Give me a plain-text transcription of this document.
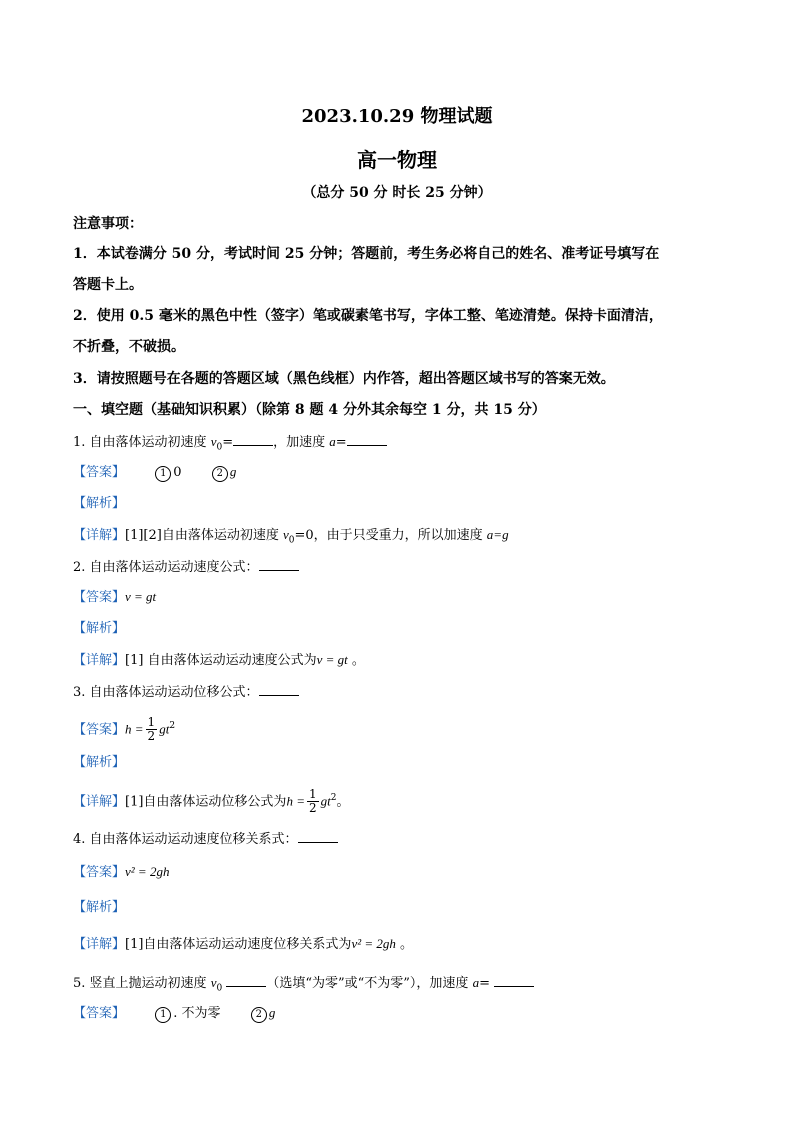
2023.10.29 物理试题
高一物理
（总分 50 分 时长 25 分钟）
注意事项：
1．本试卷满分 50 分，考试时间 25 分钟；答题前，考生务必将自己的姓名、准考证号填写在
答题卡上。
2．使用 0.5 毫米的黑色中性（签字）笔或碳素笔书写，字体工整、笔迹清楚。保持卡面清洁，
不折叠，不破损。
3．请按照题号在各题的答题区域（黑色线框）内作答，超出答题区域书写的答案无效。
一、填空题（基础知识积累）（除第 8 题 4 分外其余每空 1 分，共 15 分）
1. 自由落体运动初速度 $v_0=$	，加速度 a=
【答案】	1 0	2 g
【解析】
【详解】[1][2]自由落体运动初速度 $v_0=0$，由于只受重力，所以加速度 a=g
2. 自由落体运动运动速度公式：
【答案】v = gt
【解析】
【详解】[1] 自由落体运动运动速度公式为v = gt 。
3. 自由落体运动运动位移公式：
【答案】$h = \frac{1}{2} gt^2$
【解析】
【详解】[1]自由落体运动位移公式为$h = \frac{1}{2} gt^2$。
4. 自由落体运动运动速度位移关系式：
【答案】v² = 2gh
【解析】
【详解】[1]自由落体运动运动速度位移关系式为v² = 2gh 。
5. 竖直上抛运动初速度 $v_0$	（选填“为零”或“不为零”），加速度 a=
【答案】	1 . 不为零	2 g
